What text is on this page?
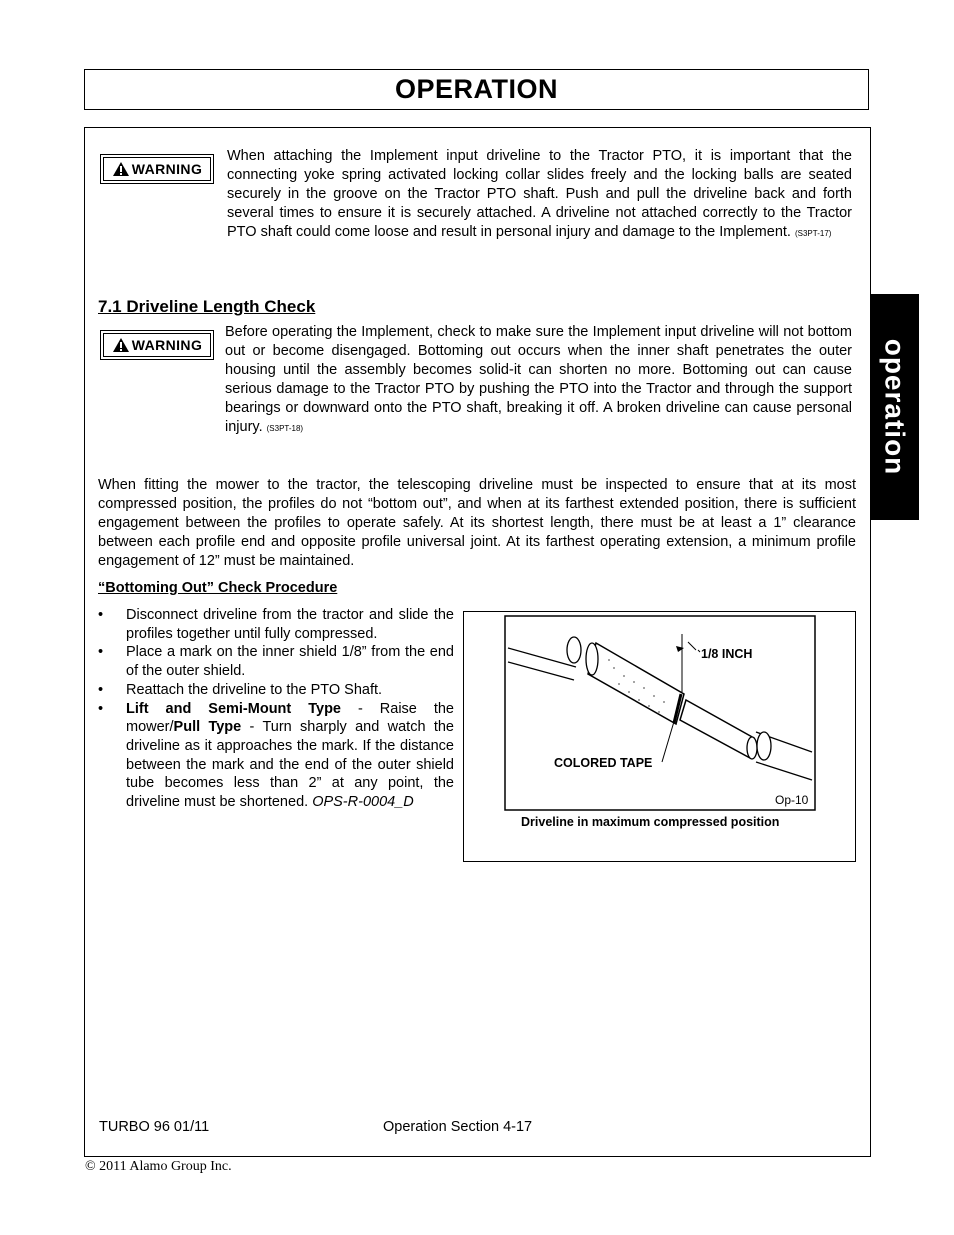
OPERATION
operation
WARNING

When attaching the Implement input driveline to the Tractor PTO, it is important that the connecting yoke spring activated locking collar slides freely and the locking balls are seated securely in the groove on the Tractor PTO shaft. Push and pull the driveline back and forth several times to ensure it is securely attached. A driveline not attached correctly to the Tractor PTO shaft could come loose and result in personal injury and damage to the Implement. (S3PT-17)

7.1 Driveline Length Check
WARNING

Before operating the Implement, check to make sure the Implement input driveline will not bottom out or become disengaged. Bottoming out occurs when the inner shaft penetrates the outer housing until the assembly becomes solid-it can shorten no more. Bottoming out can cause serious damage to the Tractor PTO by pushing the PTO into the Tractor and through the support bearings or downward onto the PTO shaft, breaking it off. A broken driveline can cause personal injury. (S3PT-18)

When fitting the mower to the tractor, the telescoping driveline must be inspected to ensure that at its most compressed position, the profiles do not “bottom out”, and when at its farthest extended position, there is sufficient engagement between the profiles to operate safely. At its shortest length, there must be at least a 1” clearance between each profile end and opposite profile universal joint. At its farthest operating extension, a minimum profile engagement of 12” must be maintained.

“Bottoming Out” Check Procedure
• Disconnect driveline from the tractor and slide the profiles together until fully compressed.
• Place a mark on the inner shield 1/8” from the end of the outer shield.
• Reattach the driveline to the PTO Shaft.
• Lift and Semi-Mount Type - Raise the mower/Pull Type - Turn sharply and watch the driveline as it approaches the mark. If the distance between the mark and the end of the outer shield tube becomes less than 2” at any point, the driveline must be shortened. OPS-R-0004_D
1/8 INCH
COLORED TAPE
Op-10
Driveline in maximum compressed position
TURBO 96 01/11	Operation Section 4-17
© 2011 Alamo Group Inc.
